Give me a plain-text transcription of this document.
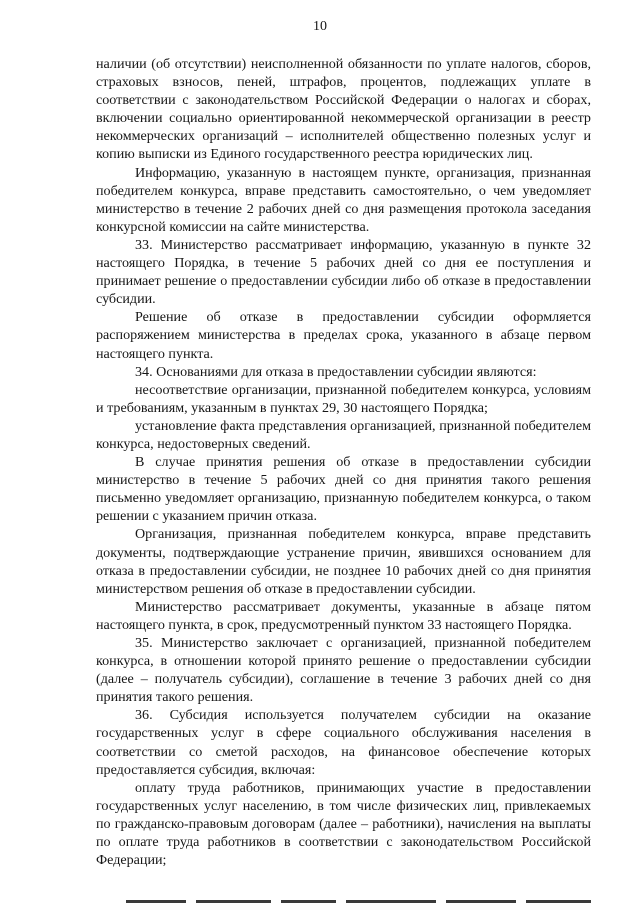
10

наличии (об отсутствии) неисполненной обязанности по уплате налогов, сборов, страховых взносов, пеней, штрафов, процентов, подлежащих уплате в соответствии с законодательством Российской Федерации о налогах и сборах, включении социально ориентированной некоммерческой организации в реестр некоммерческих организаций – исполнителей общественно полезных услуг и копию выписки из Единого государственного реестра юридических лиц.

Информацию, указанную в настоящем пункте, организация, признанная победителем конкурса, вправе представить самостоятельно, о чем уведомляет министерство в течение 2 рабочих дней со дня размещения протокола заседания конкурсной комиссии на сайте министерства.

33. Министерство рассматривает информацию, указанную в пункте 32 настоящего Порядка, в течение 5 рабочих дней со дня ее поступления и принимает решение о предоставлении субсидии либо об отказе в предоставлении субсидии.

Решение об отказе в предоставлении субсидии оформляется распоряжением министерства в пределах срока, указанного в абзаце первом настоящего пункта.

34. Основаниями для отказа в предоставлении субсидии являются:

несоответствие организации, признанной победителем конкурса, условиям и требованиям, указанным в пунктах 29, 30 настоящего Порядка;

установление факта представления организацией, признанной победителем конкурса, недостоверных сведений.

В случае принятия решения об отказе в предоставлении субсидии министерство в течение 5 рабочих дней со дня принятия такого решения письменно уведомляет организацию, признанную победителем конкурса, о таком решении с указанием причин отказа.

Организация, признанная победителем конкурса, вправе представить документы, подтверждающие устранение причин, явившихся основанием для отказа в предоставлении субсидии, не позднее 10 рабочих дней со дня принятия министерством решения об отказе в предоставлении субсидии.

Министерство рассматривает документы, указанные в абзаце пятом настоящего пункта, в срок, предусмотренный пунктом 33 настоящего Порядка.

35. Министерство заключает с организацией, признанной победителем конкурса, в отношении которой принято решение о предоставлении субсидии (далее – получатель субсидии), соглашение в течение 3 рабочих дней со дня принятия такого решения.

36. Субсидия используется получателем субсидии на оказание государственных услуг в сфере социального обслуживания населения в соответствии со сметой расходов, на финансовое обеспечение которых предоставляется субсидия, включая:

оплату труда работников, принимающих участие в предоставлении государственных услуг населению, в том числе физических лиц, привлекаемых по гражданско-правовым договорам (далее – работники), начисления на выплаты по оплате труда работников в соответствии с законодательством Российской Федерации;
